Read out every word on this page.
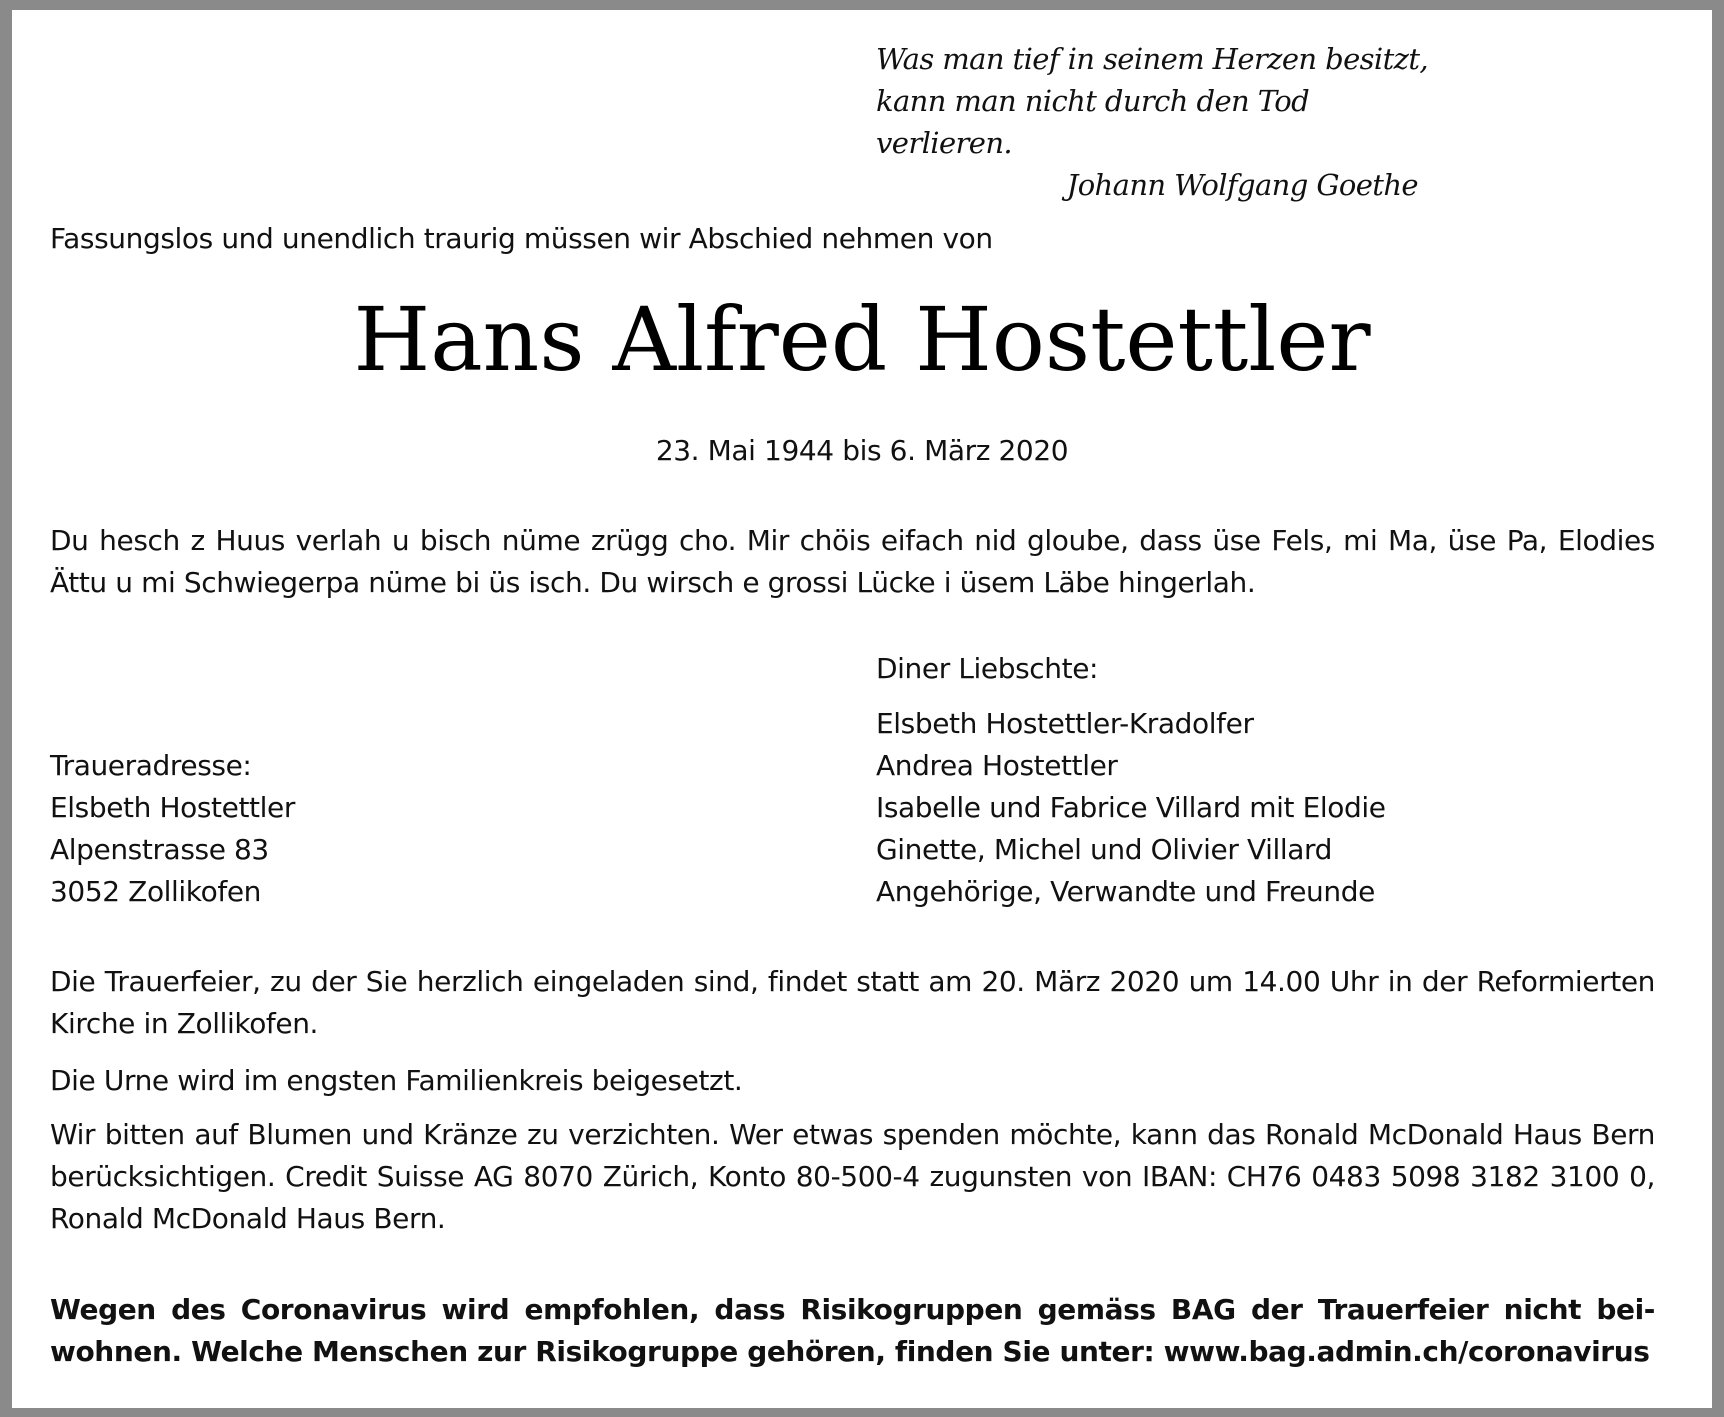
Was man tief in seinem Herzen besitzt,
kann man nicht durch den Tod verlieren.
Johann Wolfgang Goethe

Fassungslos und unendlich traurig müssen wir Abschied nehmen von

Hans Alfred Hostettler
23. Mai 1944 bis 6. März 2020

Du hesch z Huus verlah u bisch nüme zrügg cho. Mir chöis eifach nid gloube, dass üse Fels, mi Ma, üse Pa, Elodies Ättu u mi Schwiegerpa nüme bi üs isch. Du wirsch e grossi Lücke i üsem Läbe hingerlah.

Diner Liebschte:

Elsbeth Hostettler-Kradolfer
Andrea Hostettler
Isabelle und Fabrice Villard mit Elodie
Ginette, Michel und Olivier Villard
Angehörige, Verwandte und Freunde
Traueradresse:
Elsbeth Hostettler
Alpenstrasse 83
3052 Zollikofen

Die Trauerfeier, zu der Sie herzlich eingeladen sind, findet statt am 20. März 2020 um 14.00 Uhr in der Reformierten Kirche in Zollikofen.

Die Urne wird im engsten Familienkreis beigesetzt.

Wir bitten auf Blumen und Kränze zu verzichten. Wer etwas spenden möchte, kann das Ronald McDonald Haus Bern berücksichtigen. Credit Suisse AG 8070 Zürich, Konto 80-500-4 zugunsten von IBAN: CH76 0483 5098 3182 3100 0, Ronald McDonald Haus Bern.

Wegen des Coronavirus wird empfohlen, dass Risikogruppen gemäss BAG der Trauerfeier nicht bei-
wohnen. Welche Menschen zur Risikogruppe gehören, finden Sie unter: www.bag.admin.ch/coronavirus
